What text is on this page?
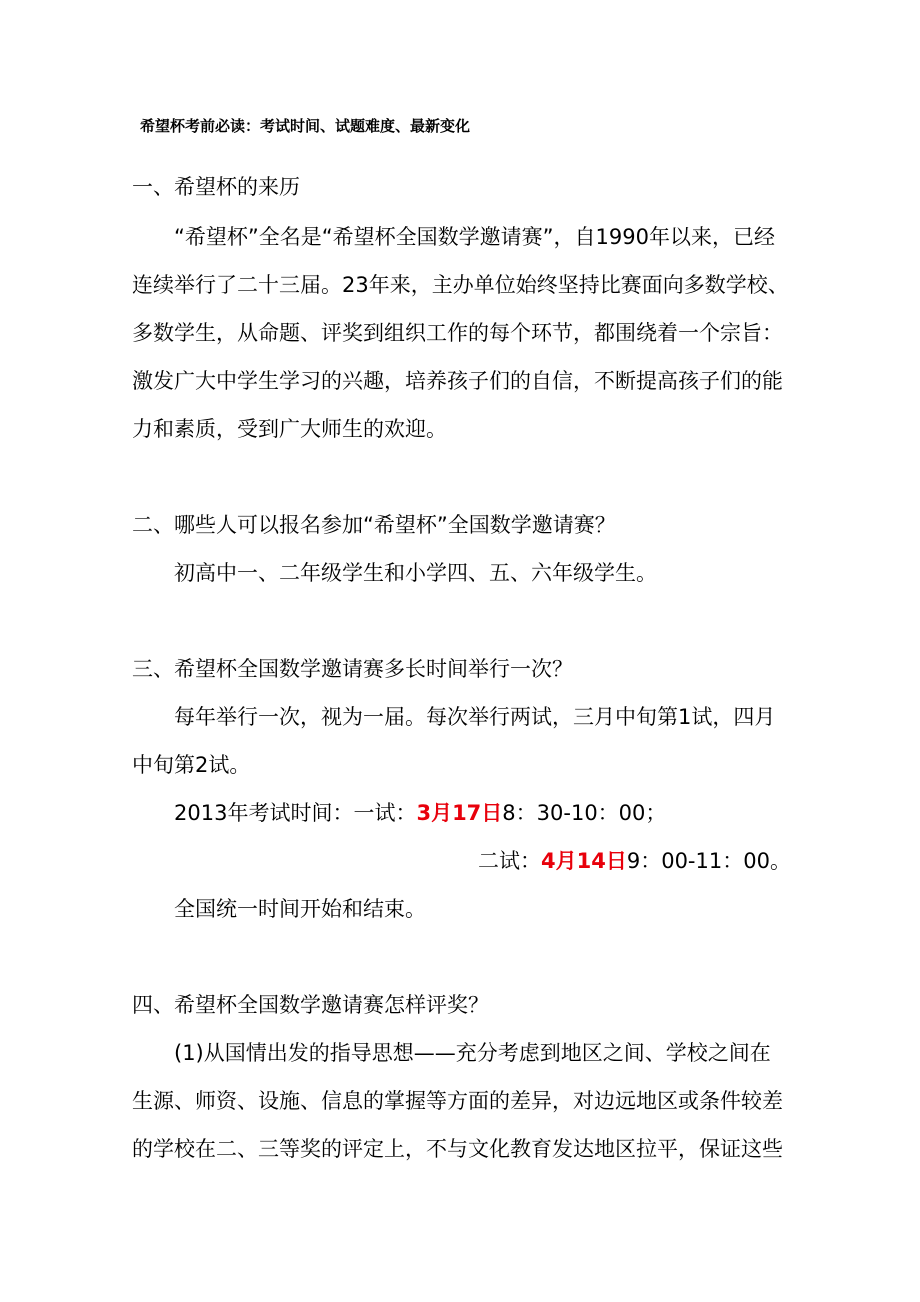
希望杯考前必读：考试时间、试题难度、最新变化
一、希望杯的来历
“希望杯”全名是“希望杯全国数学邀请赛”，自1990年以来，已经
连续举行了二十三届。23年来，主办单位始终坚持比赛面向多数学校、
多数学生，从命题、评奖到组织工作的每个环节，都围绕着一个宗旨：
激发广大中学生学习的兴趣，培养孩子们的自信，不断提高孩子们的能
力和素质，受到广大师生的欢迎。
二、哪些人可以报名参加“希望杯”全国数学邀请赛？
初高中一、二年级学生和小学四、五、六年级学生。
三、希望杯全国数学邀请赛多长时间举行一次？
每年举行一次，视为一届。每次举行两试，三月中旬第1试，四月
中旬第2试。
2013年考试时间：一试：3月17日8：30-10：00；
二试：4月14日9：00-11：00。
全国统一时间开始和结束。
四、希望杯全国数学邀请赛怎样评奖？
(1)从国情出发的指导思想——充分考虑到地区之间、学校之间在
生源、师资、设施、信息的掌握等方面的差异，对边远地区或条件较差
的学校在二、三等奖的评定上，不与文化教育发达地区拉平，保证这些
